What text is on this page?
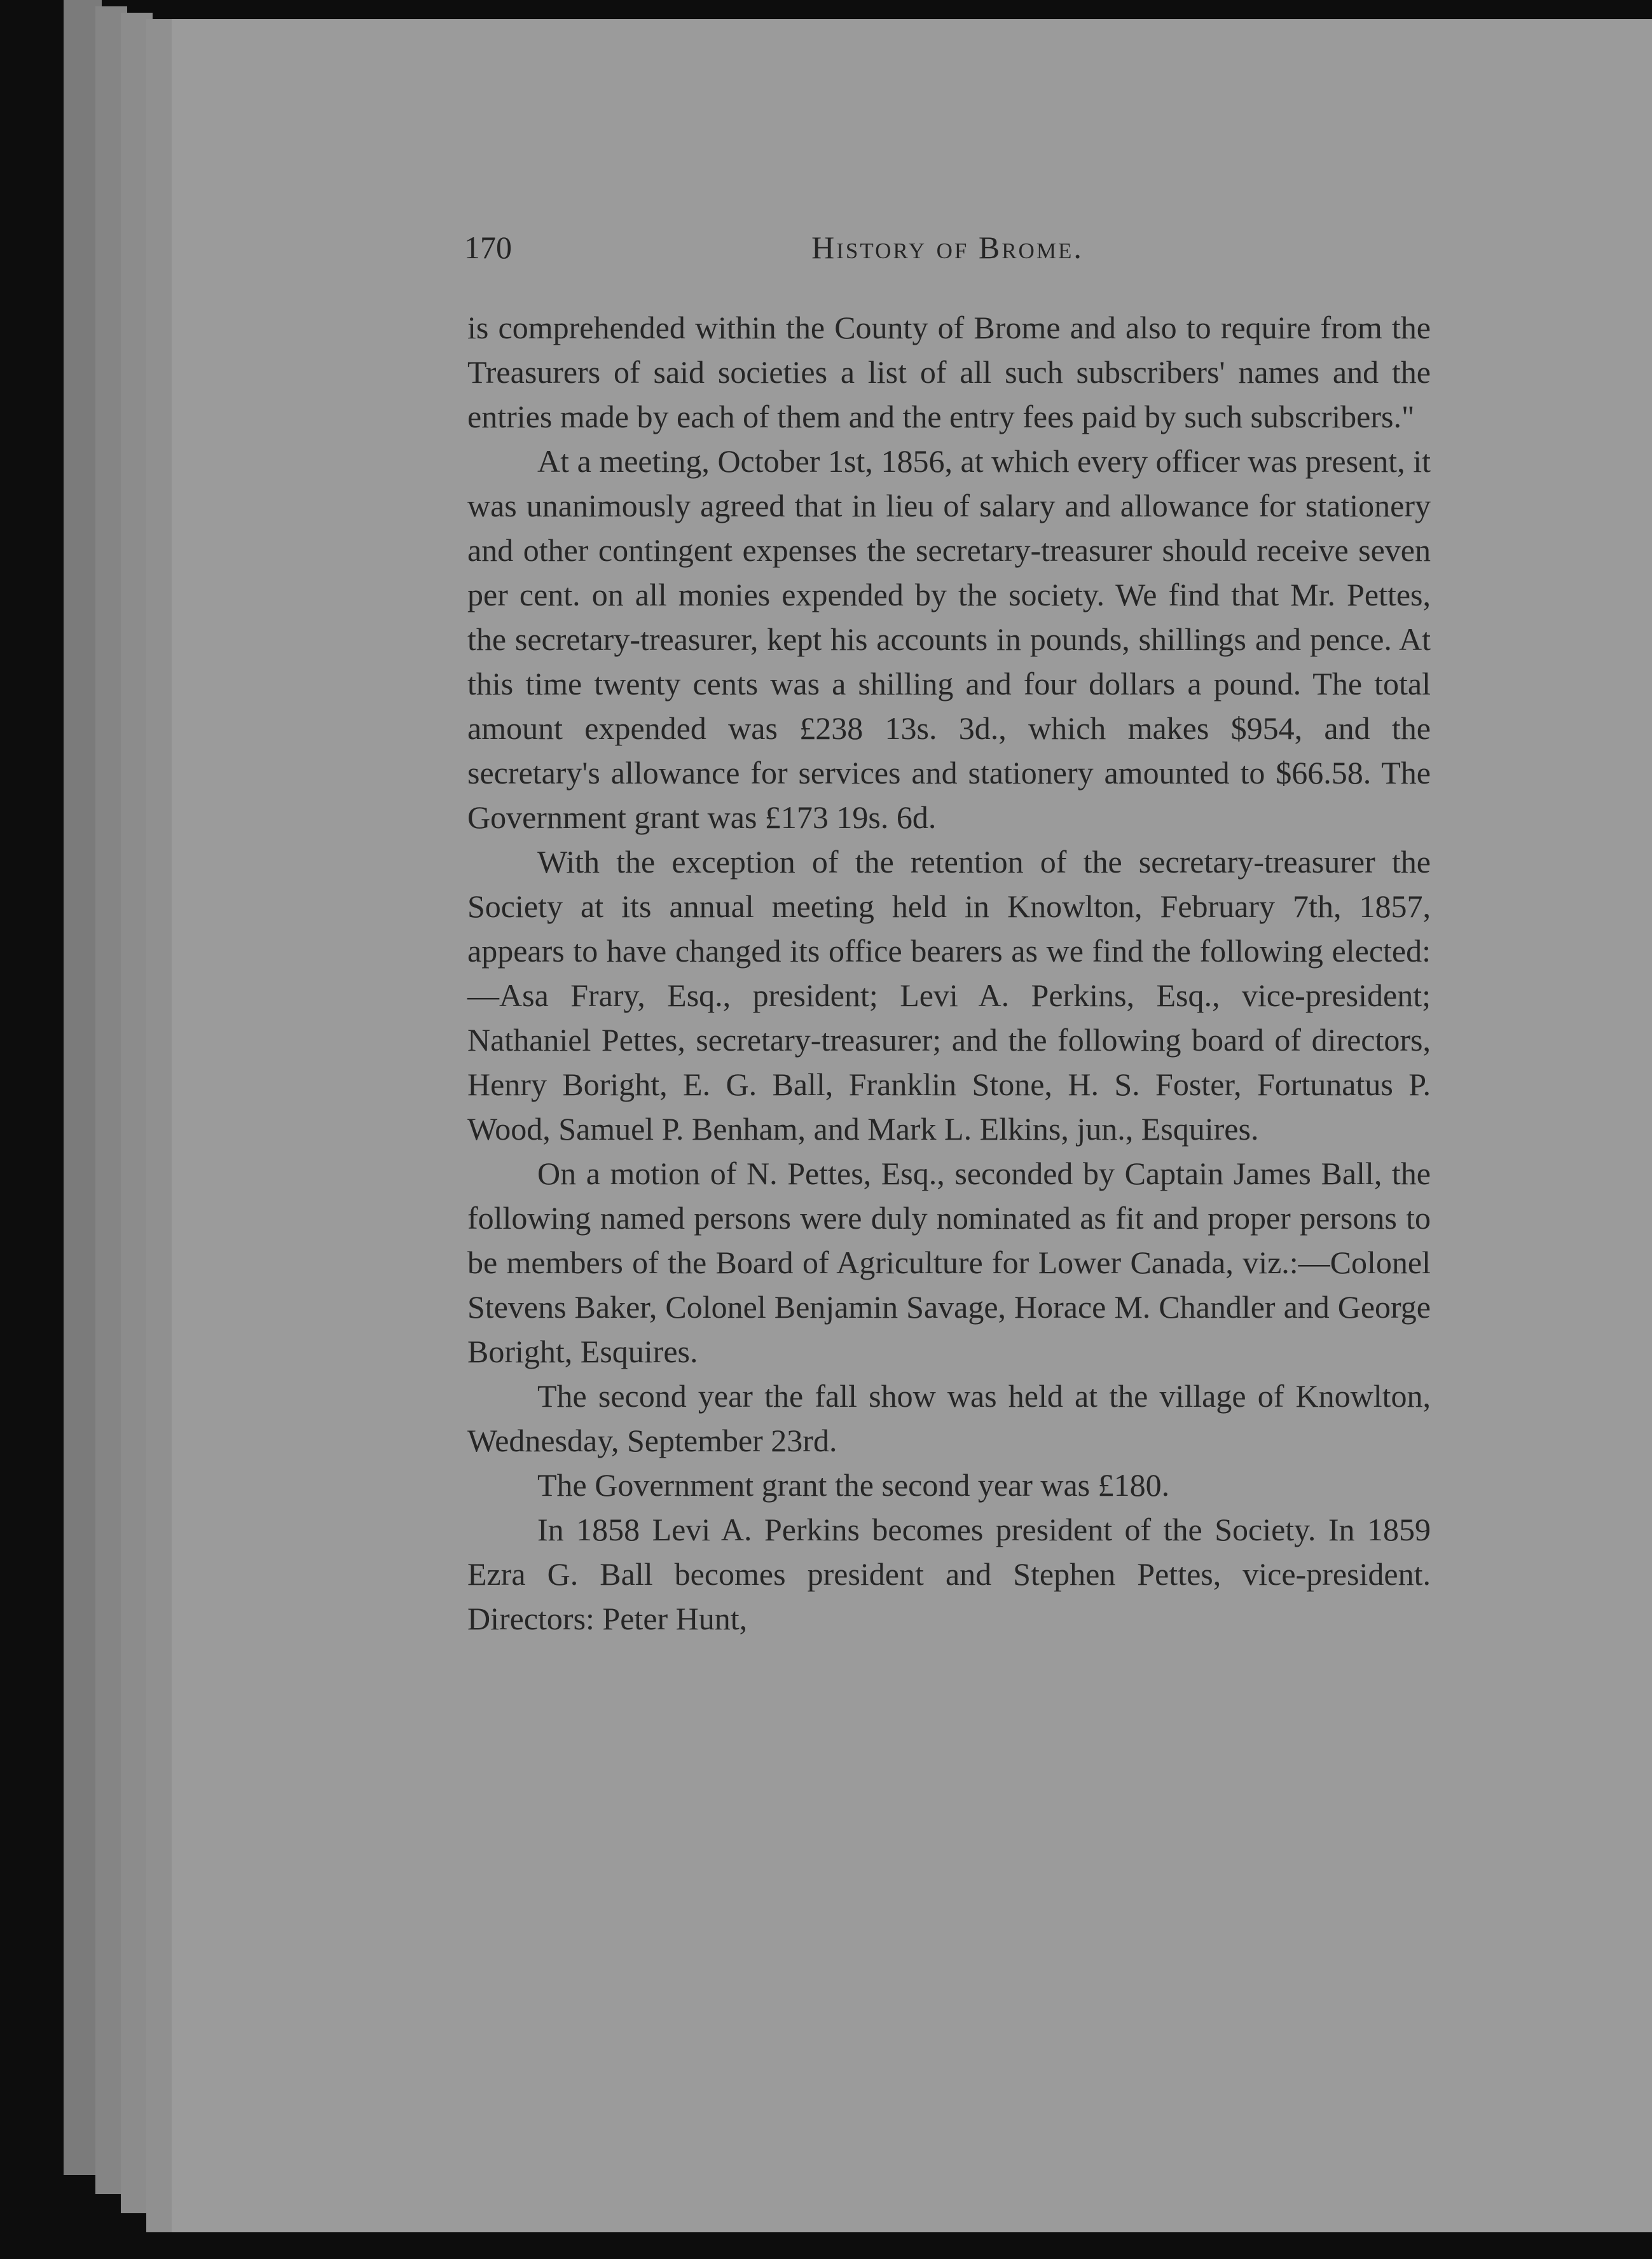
170	History of Brome.

is comprehended within the County of Brome and also to require from the Treasurers of said societies a list of all such subscribers' names and the entries made by each of them and the entry fees paid by such subscribers."

At a meeting, October 1st, 1856, at which every officer was present, it was unanimously agreed that in lieu of salary and allowance for stationery and other contingent expenses the secretary-treasurer should receive seven per cent. on all monies expended by the society. We find that Mr. Pettes, the secretary-treasurer, kept his accounts in pounds, shillings and pence. At this time twenty cents was a shilling and four dollars a pound. The total amount expended was £238 13s. 3d., which makes $954, and the secretary's allowance for services and stationery amounted to $66.58. The Government grant was £173 19s. 6d.

With the exception of the retention of the secretary-treasurer the Society at its annual meeting held in Knowlton, February 7th, 1857, appears to have changed its office bearers as we find the following elected:—Asa Frary, Esq., president; Levi A. Perkins, Esq., vice-president; Nathaniel Pettes, secretary-treasurer; and the following board of directors, Henry Boright, E. G. Ball, Franklin Stone, H. S. Foster, Fortunatus P. Wood, Samuel P. Benham, and Mark L. Elkins, jun., Esquires.

On a motion of N. Pettes, Esq., seconded by Captain James Ball, the following named persons were duly nominated as fit and proper persons to be members of the Board of Agriculture for Lower Canada, viz.:—Colonel Stevens Baker, Colonel Benjamin Savage, Horace M. Chandler and George Boright, Esquires.

The second year the fall show was held at the village of Knowlton, Wednesday, September 23rd.

The Government grant the second year was £180.

In 1858 Levi A. Perkins becomes president of the Society. In 1859 Ezra G. Ball becomes president and Stephen Pettes, vice-president. Directors: Peter Hunt,
